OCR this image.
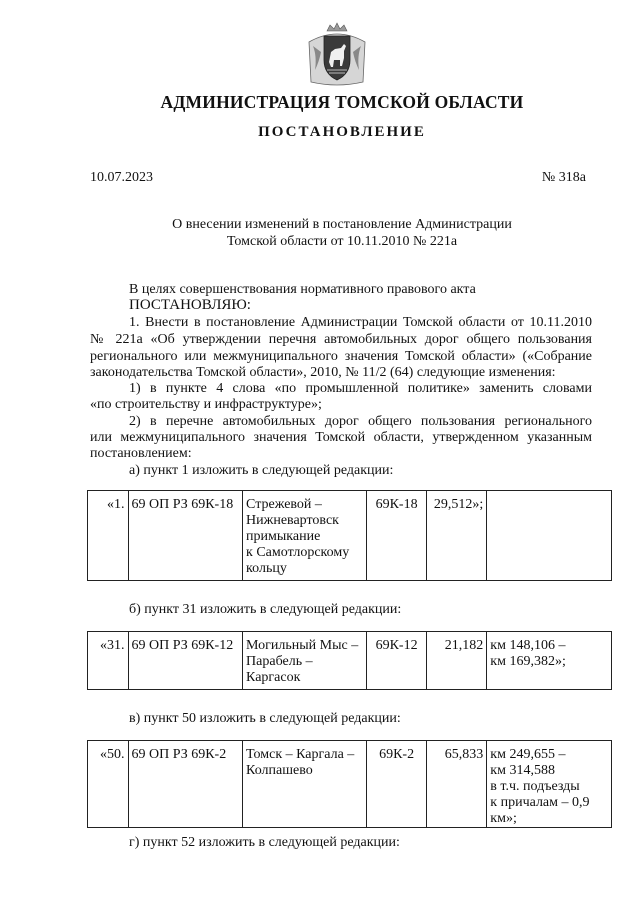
АДМИНИСТРАЦИЯ ТОМСКОЙ ОБЛАСТИ
ПОСТАНОВЛЕНИЕ
10.07.2023	№ 318а
О внесении изменений в постановление Администрации
Томской области от 10.11.2010 № 221а
В целях совершенствования нормативного правового акта
ПОСТАНОВЛЯЮ:
1. Внести в постановление Администрации Томской области от 10.11.2010
№ 221а «Об утверждении перечня автомобильных дорог общего пользования
регионального или межмуниципального значения Томской области» («Собрание
законодательства Томской области», 2010, № 11/2 (64) следующие изменения:
1) в пункте 4 слова «по промышленной политике» заменить словами
«по строительству и инфраструктуре»;
2) в перечне автомобильных дорог общего пользования регионального
или межмуниципального значения Томской области, утвержденном указанным
постановлением:
а) пункт 1 изложить в следующей редакции:
«1.	69 ОП РЗ 69К-18	Стрежевой –
Нижневартовск
примыкание
к Самотлорскому
кольцу
	69К-18	29,512»;	
б) пункт 31 изложить в следующей редакции:
«31.	69 ОП РЗ 69К-12	Могильный Мыс –
Парабель –
Каргасок
	69К-12	21,182	км 148,106 –
км 169,382»;
в) пункт 50 изложить в следующей редакции:
«50.	69 ОП РЗ 69К-2	Томск – Каргала –
Колпашево
	69К-2	65,833	км 249,655 –
км 314,588
в т.ч. подъезды
к причалам – 0,9 км»;
г) пункт 52 изложить в следующей редакции:
